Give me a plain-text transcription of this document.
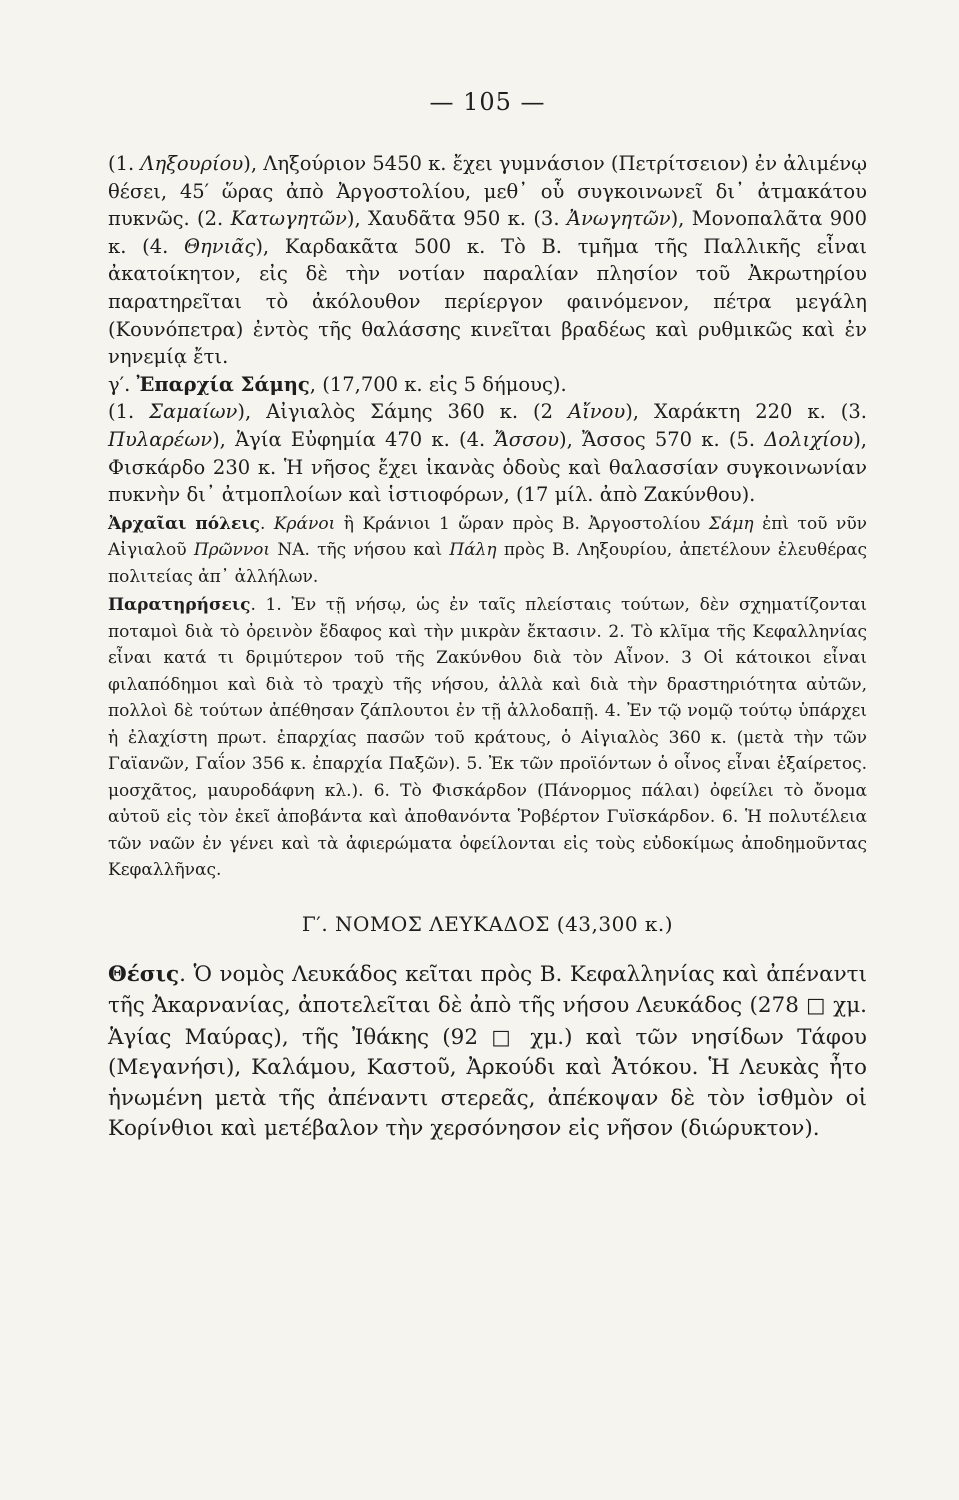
— 105 —

(1. Ληξουρίου), Ληξούριον 5450 κ. ἔχει γυμνάσιον (Πετρίτσειον) ἐν ἀλιμένῳ θέσει, 45′ ὥρας ἀπὸ Ἀργοστολίου, μεθ᾽ οὗ συγκοινωνεῖ δι᾽ ἀτμακάτου πυκνῶς. (2. Κατωγητῶν), Χαυδᾶτα 950 κ. (3. Ἀνωγητῶν), Μονοπαλᾶτα 900 κ. (4. Θηνιᾶς), Καρδακᾶτα 500 κ. Τὸ Β. τμῆμα τῆς Παλλικῆς εἶναι ἀκατοίκητον, εἰς δὲ τὴν νοτίαν παραλίαν πλησίον τοῦ Ἀκρωτηρίου παρατηρεῖται τὸ ἀκόλουθον περίεργον φαινόμενον, πέτρα μεγάλη (Κουνόπετρα) ἐντὸς τῆς θαλάσσης κινεῖται βραδέως καὶ ρυθμικῶς καὶ ἐν νηνεμίᾳ ἔτι.

γ′. Ἐπαρχία Σάμης, (17,700 κ. εἰς 5 δήμους).

(1. Σαμαίων), Αἰγιαλὸς Σάμης 360 κ. (2 Αἴνου), Χαράκτη 220 κ. (3. Πυλαρέων), Ἁγία Εὐφημία 470 κ. (4. Ἄσσου), Ἄσσος 570 κ. (5. Δολιχίου), Φισκάρδο 230 κ. Ἡ νῆσος ἔχει ἱκανὰς ὁδοὺς καὶ θαλασσίαν συγκοινωνίαν πυκνὴν δι᾽ ἀτμοπλοίων καὶ ἱστιοφόρων, (17 μίλ. ἀπὸ Ζακύνθου).

Ἀρχαῖαι πόλεις. Κράνοι ἢ Κράνιοι 1 ὥραν πρὸς Β. Ἀργοστολίου Σάμη ἐπὶ τοῦ νῦν Αἰγιαλοῦ Πρῶννοι ΝΑ. τῆς νήσου καὶ Πάλη πρὸς Β. Ληξουρίου, ἀπετέλουν ἐλευθέρας πολιτείας ἀπ᾽ ἀλλήλων.

Παρατηρήσεις. 1. Ἐν τῇ νήσῳ, ὡς ἐν ταῖς πλείσταις τούτων, δὲν σχηματίζονται ποταμοὶ διὰ τὸ ὀρεινὸν ἔδαφος καὶ τὴν μικρὰν ἔκτασιν. 2. Τὸ κλῖμα τῆς Κεφαλληνίας εἶναι κατά τι δριμύτερον τοῦ τῆς Ζακύνθου διὰ τὸν Αἶνον. 3 Οἱ κάτοικοι εἶναι φιλαπόδημοι καὶ διὰ τὸ τραχὺ τῆς νήσου, ἀλλὰ καὶ διὰ τὴν δραστηριότητα αὐτῶν, πολλοὶ δὲ τούτων ἀπέθησαν ζάπλουτοι ἐν τῇ ἀλλοδαπῇ. 4. Ἐν τῷ νομῷ τούτῳ ὑπάρχει ἡ ἐλαχίστη πρωτ. ἐπαρχίας πασῶν τοῦ κράτους, ὁ Αἰγιαλὸς 360 κ. (μετὰ τὴν τῶν Γαϊανῶν, Γαΐον 356 κ. ἐπαρχία Παξῶν). 5. Ἐκ τῶν προϊόντων ὁ οἶνος εἶναι ἐξαίρετος. μοσχᾶτος, μαυροδάφνη κλ.). 6. Τὸ Φισκάρδον (Πάνορμος πάλαι) ὀφείλει τὸ ὄνομα αὐτοῦ εἰς τὸν ἐκεῖ ἀποβάντα καὶ ἀποθανόντα Ῥοβέρτον Γυϊσκάρδον. 6. Ἡ πολυτέλεια τῶν ναῶν ἐν γένει καὶ τὰ ἀφιερώματα ὀφείλονται εἰς τοὺς εὐδοκίμως ἀποδημοῦντας Κεφαλλῆνας.

Γ′. ΝΟΜΟΣ ΛΕΥΚΑΔΟΣ (43,300 κ.)

Θέσις. Ὁ νομὸς Λευκάδος κεῖται πρὸς Β. Κεφαλληνίας καὶ ἀπέναντι τῆς Ἀκαρνανίας, ἀποτελεῖται δὲ ἀπὸ τῆς νήσου Λευκάδος (278 □ χμ. Ἁγίας Μαύρας), τῆς Ἰθάκης (92 □ χμ.) καὶ τῶν νησίδων Τάφου (Μεγανήσι), Καλάμου, Καστοῦ, Ἀρκούδι καὶ Ἀτόκου. Ἡ Λευκὰς ἦτο ἡνωμένη μετὰ τῆς ἀπέναντι στερεᾶς, ἀπέκοψαν δὲ τὸν ἰσθμὸν οἱ Κορίνθιοι καὶ μετέβαλον τὴν χερσόνησον εἰς νῆσον (διώρυκτον).
